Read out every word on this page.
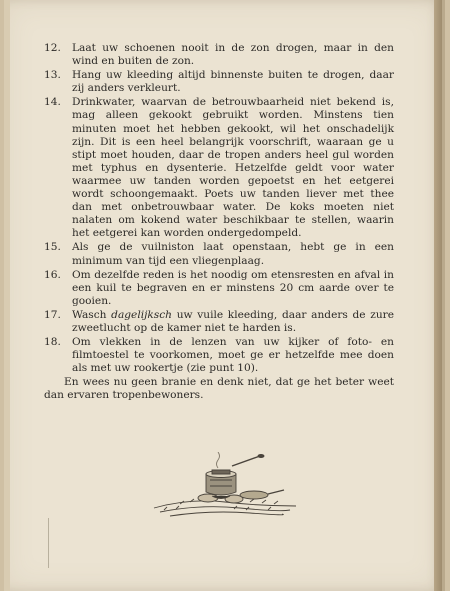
12.	Laat uw schoenen nooit in de zon drogen, maar in den wind en buiten de zon.
13.	Hang uw kleeding altijd binnenste buiten te drogen, daar zij anders verkleurt.
14.	Drinkwater, waarvan de betrouwbaarheid niet bekend is, mag alleen gekookt gebruikt worden. Minstens tien minuten moet het hebben gekookt, wil het onschadelijk zijn. Dit is een heel belangrijk voorschrift, waaraan ge u stipt moet houden, daar de tropen anders heel gul worden met typhus en dysenterie. Hetzelfde geldt voor water waarmee uw tanden worden gepoetst en het eetgerei wordt schoongemaakt. Poets uw tanden liever met thee dan met onbetrouwbaar water. De koks moeten niet nalaten om kokend water beschikbaar te stellen, waarin het eetgerei kan worden ondergedompeld.
15.	Als ge de vuilniston laat openstaan, hebt ge in een minimum van tijd een vliegenplaag.
16.	Om dezelfde reden is het noodig om etensresten en afval in een kuil te begraven en er minstens 20 cm aarde over te gooien.
17.	Wasch dagelijksch uw vuile kleeding, daar anders de zure zweetlucht op de kamer niet te harden is.
18.	Om vlekken in de lenzen van uw kijker of foto- en filmtoestel te voorkomen, moet ge er hetzelfde mee doen als met uw rookertje (zie punt 10).

En wees nu geen branie en denk niet, dat ge het beter weet dan ervaren tropenbewoners.
